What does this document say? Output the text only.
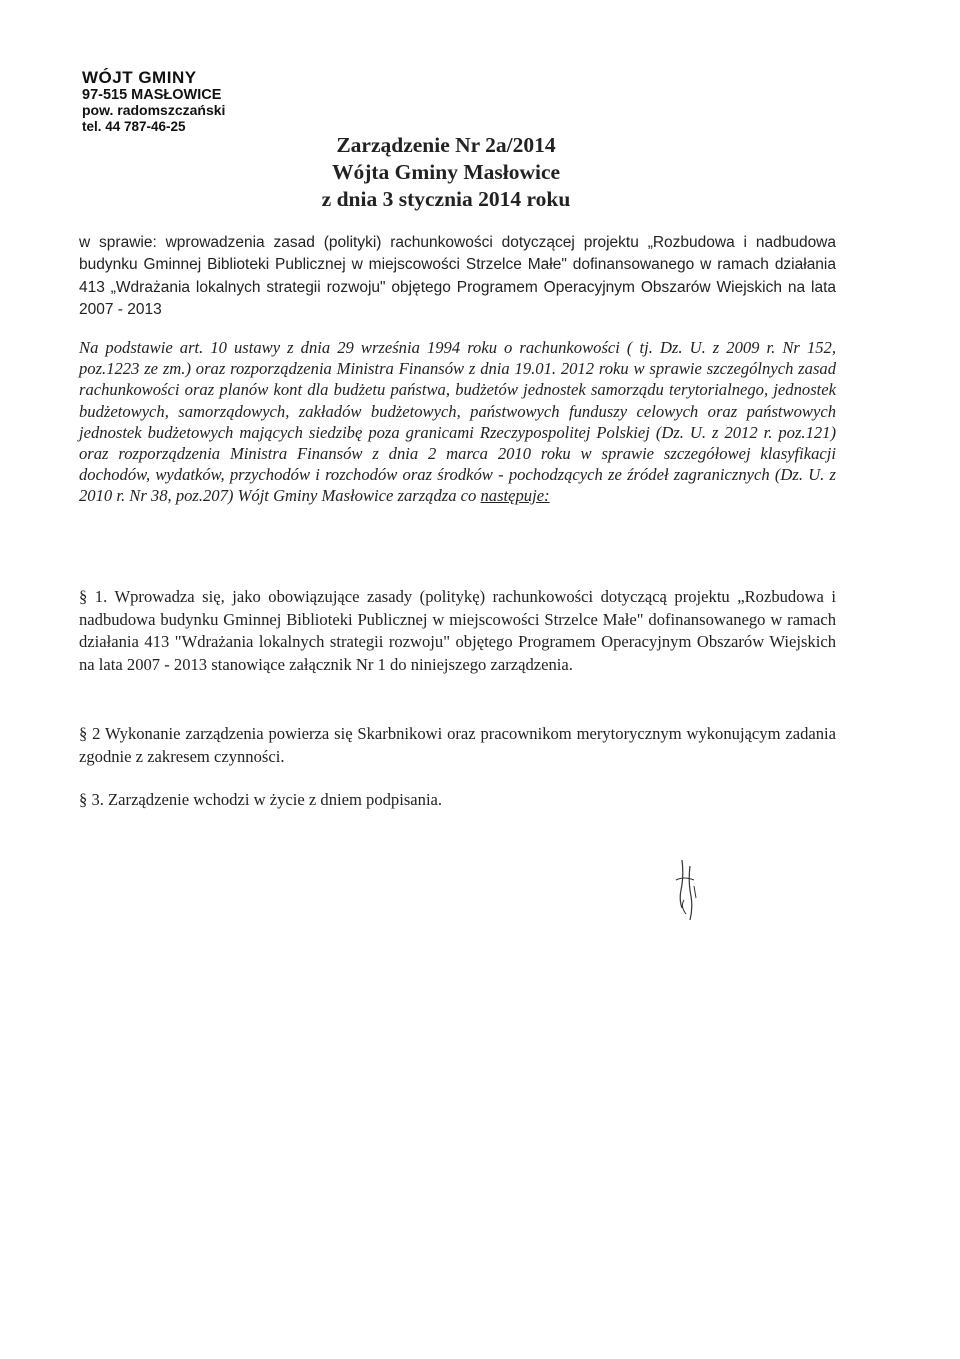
WÓJT GMINY
97-515 MASŁOWICE
pow. radomszczański
tel. 44 787-46-25
Zarządzenie Nr 2a/2014
Wójta Gminy Masłowice
z dnia 3 stycznia 2014 roku
w sprawie: wprowadzenia zasad (polityki) rachunkowości dotyczącej projektu „Rozbudowa i nadbudowa budynku Gminnej Biblioteki Publicznej w miejscowości Strzelce Małe" dofinansowanego w ramach działania 413 „Wdrażania lokalnych strategii rozwoju" objętego Programem Operacyjnym Obszarów Wiejskich na lata 2007 - 2013
Na podstawie art. 10 ustawy z dnia 29 września 1994 roku o rachunkowości ( tj. Dz. U. z 2009 r. Nr 152, poz.1223 ze zm.) oraz rozporządzenia Ministra Finansów z dnia 19.01. 2012 roku w sprawie szczególnych zasad rachunkowości oraz planów kont dla budżetu państwa, budżetów jednostek samorządu terytorialnego, jednostek budżetowych, samorządowych, zakładów budżetowych, państwowych funduszy celowych oraz państwowych jednostek budżetowych mających siedzibę poza granicami Rzeczypospolitej Polskiej (Dz. U. z 2012 r. poz.121) oraz rozporządzenia Ministra Finansów z dnia 2 marca 2010 roku w sprawie szczegółowej klasyfikacji dochodów, wydatków, przychodów i rozchodów oraz środków - pochodzących ze źródeł zagranicznych (Dz. U. z 2010 r. Nr 38, poz.207) Wójt Gminy Masłowice zarządza co następuje:
§ 1. Wprowadza się, jako obowiązujące zasady (politykę) rachunkowości dotyczącą projektu „Rozbudowa i nadbudowa budynku Gminnej Biblioteki Publicznej w miejscowości Strzelce Małe" dofinansowanego w ramach działania 413 "Wdrażania lokalnych strategii rozwoju" objętego Programem Operacyjnym Obszarów Wiejskich na lata 2007 - 2013 stanowiące załącznik Nr 1 do niniejszego zarządzenia.
§ 2 Wykonanie zarządzenia powierza się Skarbnikowi oraz pracownikom merytorycznym wykonującym zadania zgodnie z zakresem czynności.
§ 3. Zarządzenie wchodzi w życie z dniem podpisania.
